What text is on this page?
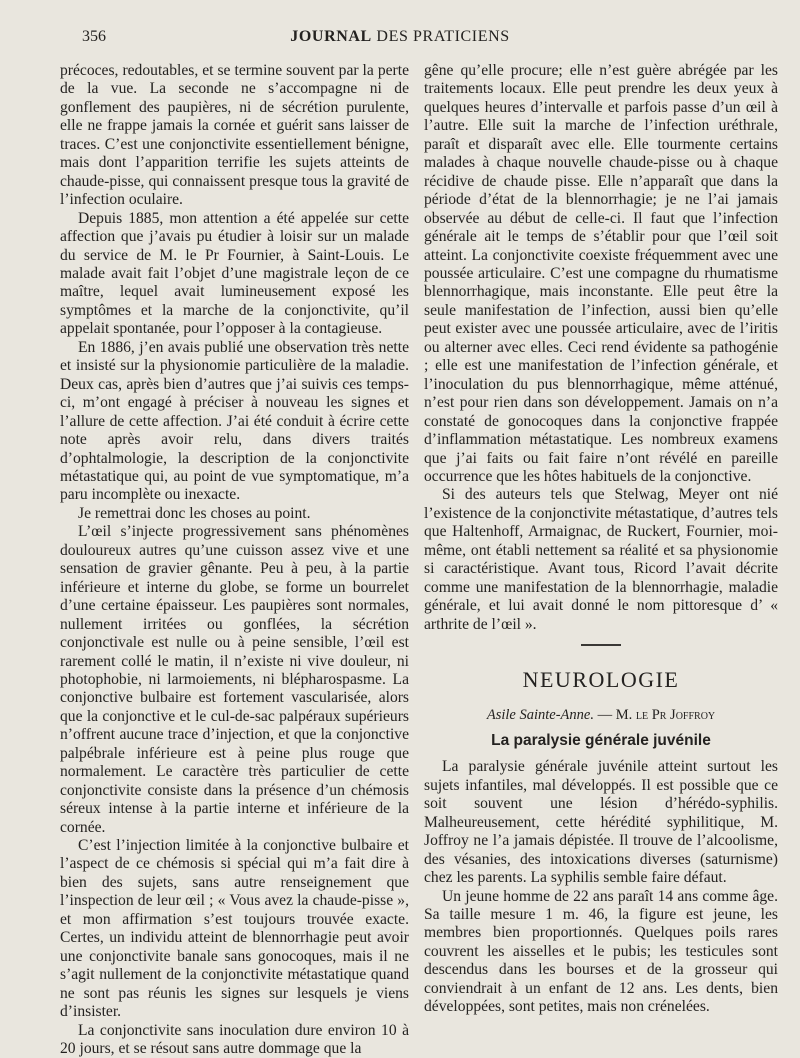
356	JOURNAL DES PRATICIENS

précoces, redoutables, et se termine souvent par la perte de la vue. La seconde ne s’accompagne ni de gonflement des paupières, ni de sécrétion purulente, elle ne frappe jamais la cornée et guérit sans laisser de traces. C’est une conjonctivite essentiellement bénigne, mais dont l’apparition terrifie les sujets atteints de chaude-pisse, qui connaissent presque tous la gravité de l’infection oculaire.

Depuis 1885, mon attention a été appelée sur cette affection que j’avais pu étudier à loisir sur un malade du service de M. le Pr Fournier, à Saint-Louis. Le malade avait fait l’objet d’une magistrale leçon de ce maître, lequel avait lumineusement exposé les symptômes et la marche de la conjonctivite, qu’il appelait spontanée, pour l’opposer à la contagieuse.

En 1886, j’en avais publié une observation très nette et insisté sur la physionomie particulière de la maladie. Deux cas, après bien d’autres que j’ai suivis ces temps-ci, m’ont engagé à préciser à nouveau les signes et l’allure de cette affection. J’ai été conduit à écrire cette note après avoir relu, dans divers traités d’ophtalmologie, la description de la conjonctivite métastatique qui, au point de vue symptomatique, m’a paru incomplète ou inexacte.

Je remettrai donc les choses au point.

L’œil s’injecte progressivement sans phénomènes douloureux autres qu’une cuisson assez vive et une sensation de gravier gênante. Peu à peu, à la partie inférieure et interne du globe, se forme un bourrelet d’une certaine épaisseur. Les paupières sont normales, nullement irritées ou gonflées, la sécrétion conjonctivale est nulle ou à peine sensible, l’œil est rarement collé le matin, il n’existe ni vive douleur, ni photophobie, ni larmoiements, ni blépharospasme. La conjonctive bulbaire est fortement vascularisée, alors que la conjonctive et le cul-de-sac palpéraux supérieurs n’offrent aucune trace d’injection, et que la conjonctive palpébrale inférieure est à peine plus rouge que normalement. Le caractère très particulier de cette conjonctivite consiste dans la présence d’un chémosis séreux intense à la partie interne et inférieure de la cornée.

C’est l’injection limitée à la conjonctive bulbaire et l’aspect de ce chémosis si spécial qui m’a fait dire à bien des sujets, sans autre renseignement que l’inspection de leur œil ; « Vous avez la chaude-pisse », et mon affirmation s’est toujours trouvée exacte. Certes, un individu atteint de blennorrhagie peut avoir une conjonctivite banale sans gonocoques, mais il ne s’agit nullement de la conjonctivite métastatique quand ne sont pas réunis les signes sur lesquels je viens d’insister.

La conjonctivite sans inoculation dure environ 10 à 20 jours, et se résout sans autre dommage que la

gêne qu’elle procure; elle n’est guère abrégée par les traitements locaux. Elle peut prendre les deux yeux à quelques heures d’intervalle et parfois passe d’un œil à l’autre. Elle suit la marche de l’infection uréthrale, paraît et disparaît avec elle. Elle tourmente certains malades à chaque nouvelle chaude-pisse ou à chaque récidive de chaude pisse. Elle n’apparaît que dans la période d’état de la blennorrhagie; je ne l’ai jamais observée au début de celle-ci. Il faut que l’infection générale ait le temps de s’établir pour que l’œil soit atteint. La conjonctivite coexiste fréquemment avec une poussée articulaire. C’est une compagne du rhumatisme blennorrhagique, mais inconstante. Elle peut être la seule manifestation de l’infection, aussi bien qu’elle peut exister avec une poussée articulaire, avec de l’iritis ou alterner avec elles. Ceci rend évidente sa pathogénie ; elle est une manifestation de l’infection générale, et l’inoculation du pus blennorrhagique, même atténué, n’est pour rien dans son développement. Jamais on n’a constaté de gonocoques dans la conjonctive frappée d’inflammation métastatique. Les nombreux examens que j’ai faits ou fait faire n’ont révélé en pareille occurrence que les hôtes habituels de la conjonctive.

Si des auteurs tels que Stelwag, Meyer ont nié l’existence de la conjonctivite métastatique, d’autres tels que Haltenhoff, Armaignac, de Ruckert, Fournier, moi-même, ont établi nettement sa réalité et sa physionomie si caractéristique. Avant tous, Ricord l’avait décrite comme une manifestation de la blennorrhagie, maladie générale, et lui avait donné le nom pittoresque d’ « arthrite de l’œil ».

NEUROLOGIE
Asile Sainte-Anne. — M. le Pr Joffroy
La paralysie générale juvénile

La paralysie générale juvénile atteint surtout les sujets infantiles, mal développés. Il est possible que ce soit souvent une lésion d’hérédo-syphilis. Malheureusement, cette hérédité syphilitique, M. Joffroy ne l’a jamais dépistée. Il trouve de l’alcoolisme, des vésanies, des intoxications diverses (saturnisme) chez les parents. La syphilis semble faire défaut.

Un jeune homme de 22 ans paraît 14 ans comme âge. Sa taille mesure 1 m. 46, la figure est jeune, les membres bien proportionnés. Quelques poils rares couvrent les aisselles et le pubis; les testicules sont descendus dans les bourses et de la grosseur qui conviendrait à un enfant de 12 ans. Les dents, bien développées, sont petites, mais non crénelées.
